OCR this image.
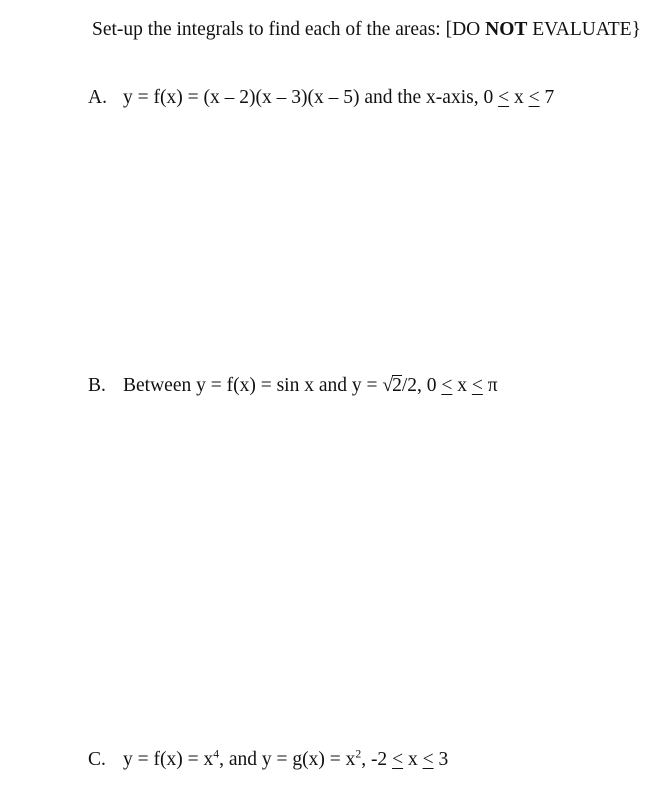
Set-up the integrals to find each of the areas: [DO NOT EVALUATE}
A. y = f(x) = (x – 2)(x – 3)(x – 5) and the x-axis, 0 ≤ x ≤ 7
B. Between y = f(x) = sin x and y = √2/2, 0 ≤ x ≤ π
C. $y = f(x) = x^4$, and $y = g(x) = x^2$, -2 ≤ x ≤ 3
